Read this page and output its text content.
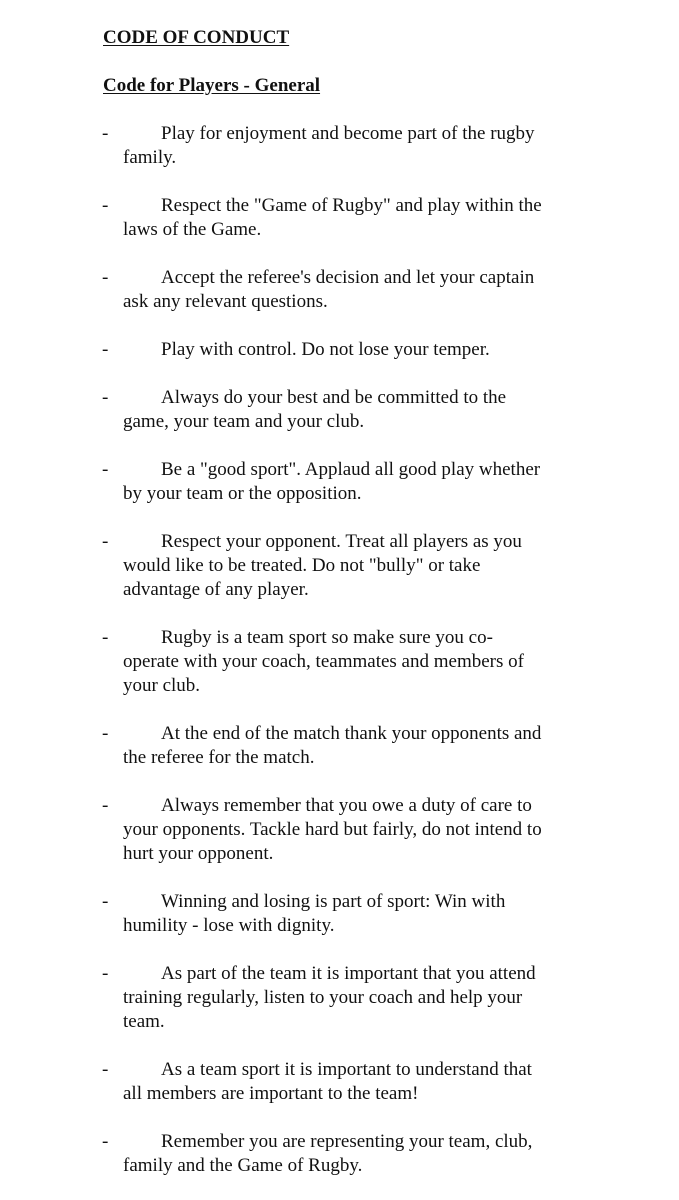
CODE OF CONDUCT
Code for Players - General
-	Play for enjoyment and become part of the rugby
family.
-	Respect the "Game of Rugby" and play within the
laws of the Game.
-	Accept the referee's decision and let your captain
ask any relevant questions.
-	Play with control. Do not lose your temper.
-	Always do your best and be committed to the
game, your team and your club.
-	Be a "good sport". Applaud all good play whether
by your team or the opposition.
-	Respect your opponent. Treat all players as you
would like to be treated. Do not "bully" or take
advantage of any player.
-	Rugby is a team sport so make sure you co-
operate with your coach, teammates and members of
your club.
-	At the end of the match thank your opponents and
the referee for the match.
-	Always remember that you owe a duty of care to
your opponents. Tackle hard but fairly, do not intend to
hurt your opponent.
-	Winning and losing is part of sport: Win with
humility - lose with dignity.
-	As part of the team it is important that you attend
training regularly, listen to your coach and help your
team.
-	As a team sport it is important to understand that
all members are important to the team!
-	Remember you are representing your team, club,
family and the Game of Rugby.
